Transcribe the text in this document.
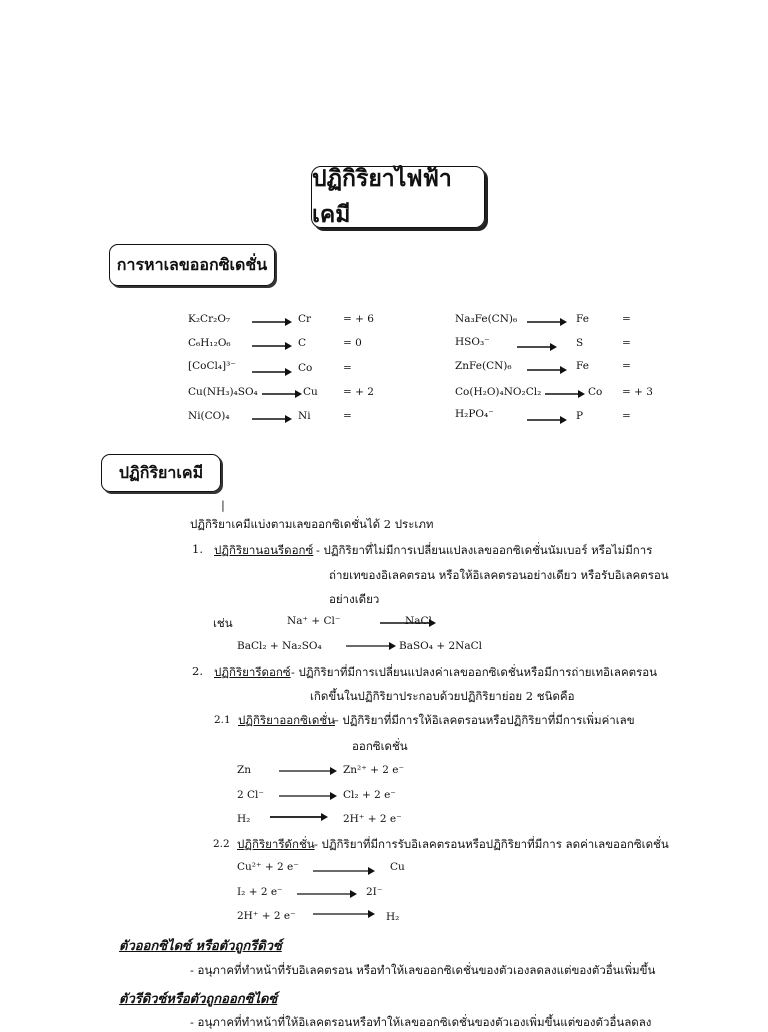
ปฏิกิริยาไฟฟ้าเคมี
การหาเลขออกซิเดชั่น
K₂Cr₂O₇	Cr	= + 6
C₆H₁₂O₆	C	= 0
[CoCl₄]³⁻	Co	=
Cu(NH₃)₄SO₄	Cu = + 2
Ni(CO)₄	Ni	=
Na₃Fe(CN)₆	Fe	=
HSO₃⁻	S	=
ZnFe(CN)₆	Fe	=
Co(H₂O)₄NO₂Cl₂	Co = + 3
H₂PO₄⁻	P	=
ปฏิกิริยาเคมี
|
ปฏิกิริยาเคมีแบ่งตามเลขออกซิเดชั่นได้ 2 ประเภท
1. ปฏิกิริยานอนรีดอกซ์ - ปฏิกิริยาที่ไม่มีการเปลี่ยนแปลงเลขออกซิเดชั่นนัมเบอร์ หรือไม่มีการ
ถ่ายเทของอิเลคตรอน หรือให้อิเลคตรอนอย่างเดียว หรือรับอิเลคตรอน
อย่างเดียว
เช่น	Na⁺ + Cl⁻	NaCl
BaCl₂ + Na₂SO₄	BaSO₄ + 2NaCl
2. ปฏิกิริยารีดอกซ์ - ปฏิกิริยาที่มีการเปลี่ยนแปลงค่าเลขออกซิเดชั่นหรือมีการถ่ายเทอิเลคตรอน
เกิดขึ้นในปฏิกิริยาประกอบด้วยปฏิกิริยาย่อย 2 ชนิดคือ
2.1 ปฏิกิริยาออกซิเดชั่น
– ปฏิกิริยาที่มีการให้อิเลคตรอนหรือปฏิกิริยาที่มีการเพิ่มค่าเลข
ออกซิเดชั่น
Zn	Zn²⁺ + 2 e⁻
2 Cl⁻	Cl₂ + 2 e⁻
H₂	2H⁺ + 2 e⁻
2.2 ปฏิกิริยารีดักชั่น - ปฏิกิริยาที่มีการรับอิเลคตรอนหรือปฏิกิริยาที่มีการ ลดค่าเลขออกซิเดชั่น
Cu²⁺ + 2 e⁻	Cu
I₂ + 2 e⁻	2I⁻
2H⁺ + 2 e⁻	H₂
ตัวออกซิไดซ์ หรือตัวถูกรีดิวซ์
- อนุภาคที่ทำหน้าที่รับอิเลคตรอน หรือทำให้เลขออกซิเดชั่นของตัวเองลดลงแต่ของตัวอื่นเพิ่มขึ้น
ตัวรีดิวซ์หรือตัวถูกออกซิไดซ์
- อนุภาคที่ทำหน้าที่ให้อิเลคตรอนหรือทำให้เลขออกซิเดชั่นของตัวเองเพิ่มขึ้นแต่ของตัวอื่นลดลง
